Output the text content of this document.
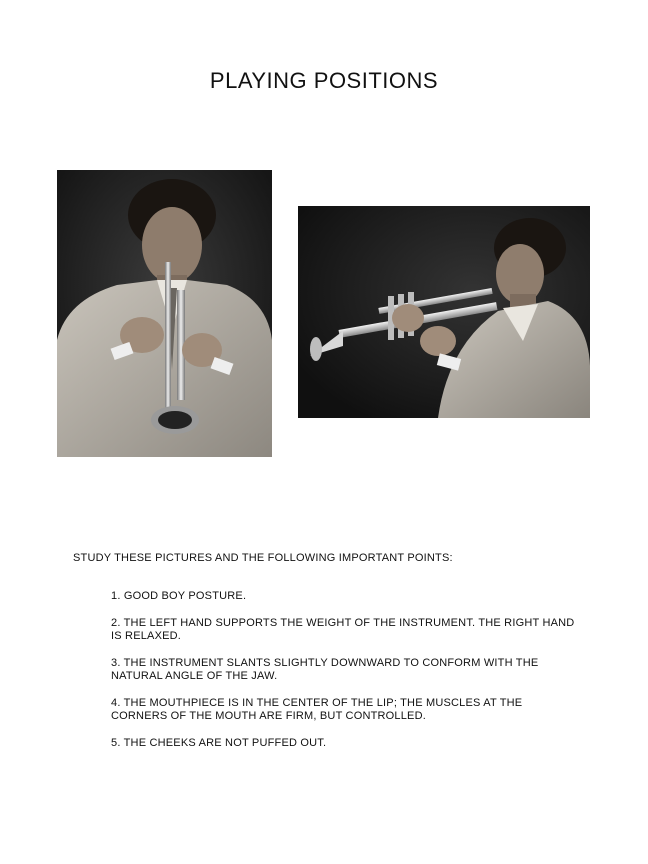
PLAYING POSITIONS
STUDY THESE PICTURES AND THE FOLLOWING IMPORTANT POINTS:
1. GOOD BOY POSTURE.
2. THE LEFT HAND SUPPORTS THE WEIGHT OF THE INSTRUMENT. THE RIGHT HAND IS RELAXED.
3. THE INSTRUMENT SLANTS SLIGHTLY DOWNWARD TO CONFORM WITH THE NATURAL ANGLE OF THE JAW.
4. THE MOUTHPIECE IS IN THE CENTER OF THE LIP; THE MUSCLES AT THE CORNERS OF THE MOUTH ARE FIRM, BUT CONTROLLED.
5. THE CHEEKS ARE NOT PUFFED OUT.
